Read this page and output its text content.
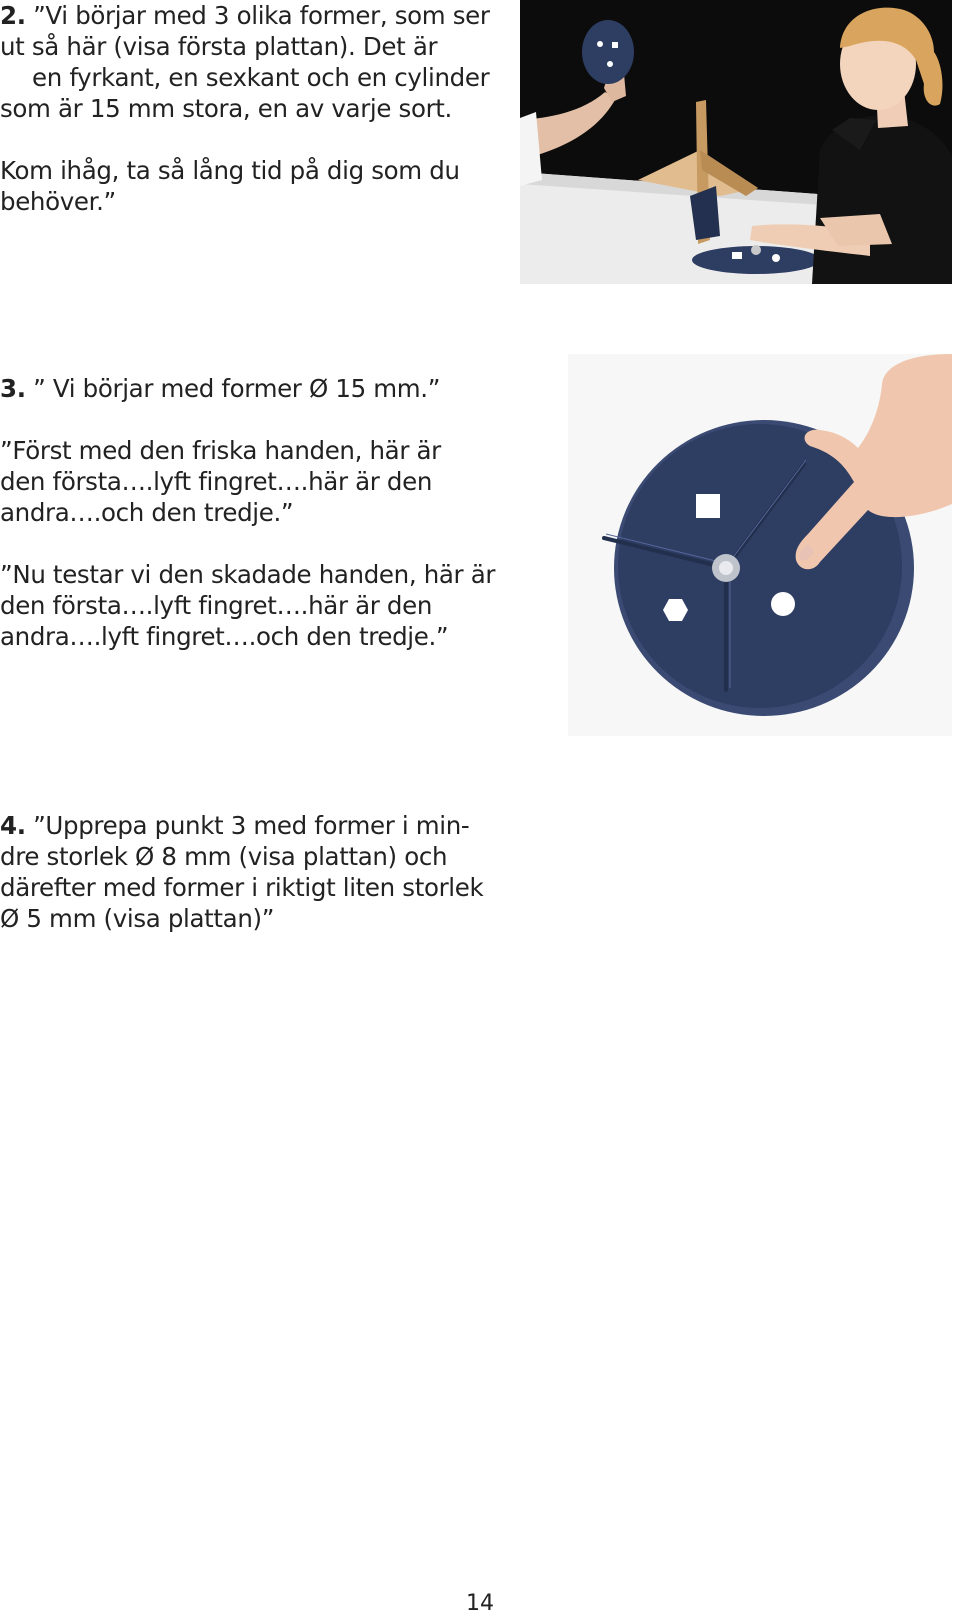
2. ”Vi börjar med 3 olika former, som ser
ut så här (visa första plattan). Det är
en fyrkant, en sexkant och en cylinder
som är 15 mm stora, en av varje sort.

Kom ihåg, ta så lång tid på dig som du
behöver.”

3. ” Vi börjar med former Ø 15 mm.”

”Först med den friska handen, här är
den första….lyft fingret….här är den
andra….och den tredje.”

”Nu testar vi den skadade handen, här är
den första….lyft fingret….här är den
andra….lyft fingret….och den tredje.”

4. ”Upprepa punkt 3 med former i min-
dre storlek Ø 8 mm (visa plattan) och
därefter med former i riktigt liten storlek
Ø 5 mm (visa plattan)”

14
